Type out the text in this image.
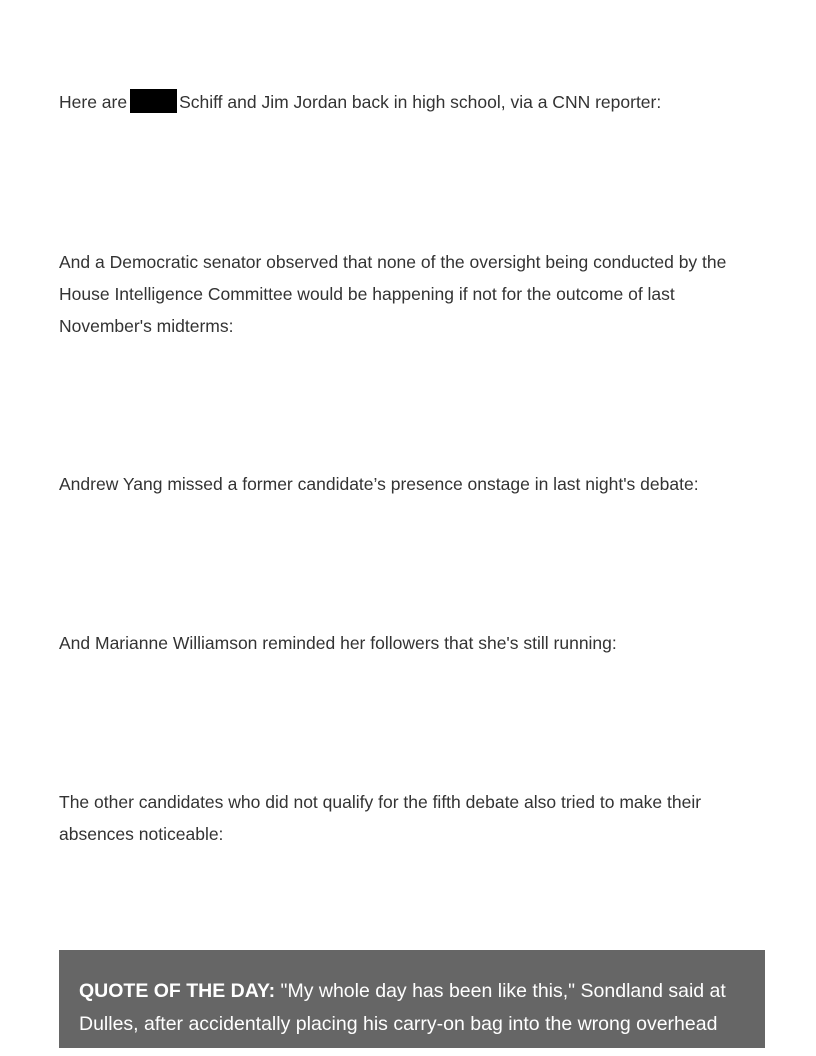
Here are	Schiff and Jim Jordan back in high school, via a CNN reporter:

And a Democratic senator observed that none of the oversight being conducted by the House Intelligence Committee would be happening if not for the outcome of last November's midterms:

Andrew Yang missed a former candidate’s presence onstage in last night's debate:

And Marianne Williamson reminded her followers that she's still running:

The other candidates who did not qualify for the fifth debate also tried to make their absences noticeable:

QUOTE OF THE DAY: "My whole day has been like this," Sondland said at Dulles, after accidentally placing his carry-on bag into the wrong overhead
